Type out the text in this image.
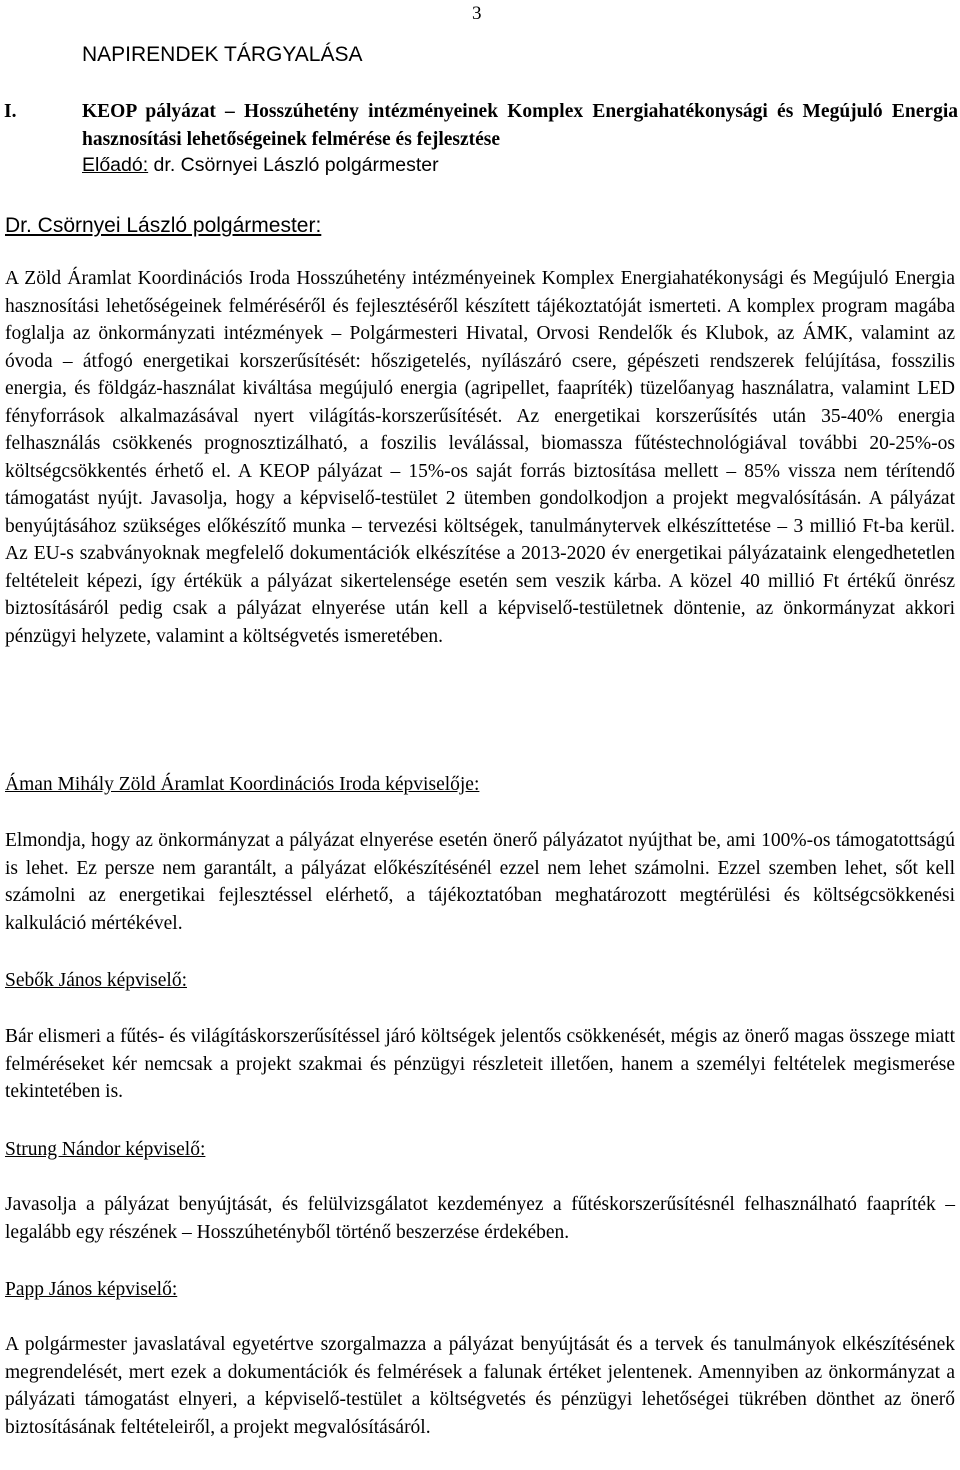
3
NAPIRENDEK TÁRGYALÁSA
I.	KEOP pályázat – Hosszúhetény intézményeinek Komplex Energiahatékonysági és Megújuló Energia hasznosítási lehetőségeinek felmérése és fejlesztése
Előadó: dr. Csörnyei László polgármester
Dr. Csörnyei László polgármester:
A Zöld Áramlat Koordinációs Iroda Hosszúhetény intézményeinek Komplex Energiahatékonysági és Megújuló Energia hasznosítási lehetőségeinek felméréséről és fejlesztéséről készített tájékoztatóját ismerteti. A komplex program magába foglalja az önkormányzati intézmények – Polgármesteri Hivatal, Orvosi Rendelők és Klubok, az ÁMK, valamint az óvoda – átfogó energetikai korszerűsítését: hőszigetelés, nyílászáró csere, gépészeti rendszerek felújítása, fosszilis energia, és földgáz-használat kiváltása megújuló energia (agripellet, faapríték) tüzelőanyag használatra, valamint LED fényforrások alkalmazásával nyert világítás-korszerűsítését. Az energetikai korszerűsítés után 35-40% energia felhasználás csökkenés prognosztizálható, a foszilis leválással, biomassza fűtéstechnológiával további 20-25%-os költségcsökkentés érhető el. A KEOP pályázat – 15%-os saját forrás biztosítása mellett – 85% vissza nem térítendő támogatást nyújt. Javasolja, hogy a képviselő-testület 2 ütemben gondolkodjon a projekt megvalósításán. A pályázat benyújtásához szükséges előkészítő munka – tervezési költségek, tanulmánytervek elkészíttetése – 3 millió Ft-ba kerül. Az EU-s szabványoknak megfelelő dokumentációk elkészítése a 2013-2020 év energetikai pályázataink elengedhetetlen feltételeit képezi, így értékük a pályázat sikertelensége esetén sem veszik kárba. A közel 40 millió Ft értékű önrész biztosításáról pedig csak a pályázat elnyerése után kell a képviselő-testületnek döntenie, az önkormányzat akkori pénzügyi helyzete, valamint a költségvetés ismeretében.
Áman Mihály Zöld Áramlat Koordinációs Iroda képviselője:
Elmondja, hogy az önkormányzat a pályázat elnyerése esetén önerő pályázatot nyújthat be, ami 100%-os támogatottságú is lehet. Ez persze nem garantált, a pályázat előkészítésénél ezzel nem lehet számolni. Ezzel szemben lehet, sőt kell számolni az energetikai fejlesztéssel elérhető, a tájékoztatóban meghatározott megtérülési és költségcsökkenési kalkuláció mértékével.
Sebők János képviselő:
Bár elismeri a fűtés- és világításkorszerűsítéssel járó költségek jelentős csökkenését, mégis az önerő magas összege miatt felméréseket kér nemcsak a projekt szakmai és pénzügyi részleteit illetően, hanem a személyi feltételek megismerése tekintetében is.
Strung Nándor képviselő:
Javasolja a pályázat benyújtását, és felülvizsgálatot kezdeményez a fűtéskorszerűsítésnél felhasználható faapríték – legalább egy részének – Hosszúhetényből történő beszerzése érdekében.
Papp János képviselő:
A polgármester javaslatával egyetértve szorgalmazza a pályázat benyújtását és a tervek és tanulmányok elkészítésének megrendelését, mert ezek a dokumentációk és felmérések a falunak értéket jelentenek. Amennyiben az önkormányzat a pályázati támogatást elnyeri, a képviselő-testület a költségvetés és pénzügyi lehetőségei tükrében dönthet az önerő biztosításának feltételeiről, a projekt megvalósításáról.
